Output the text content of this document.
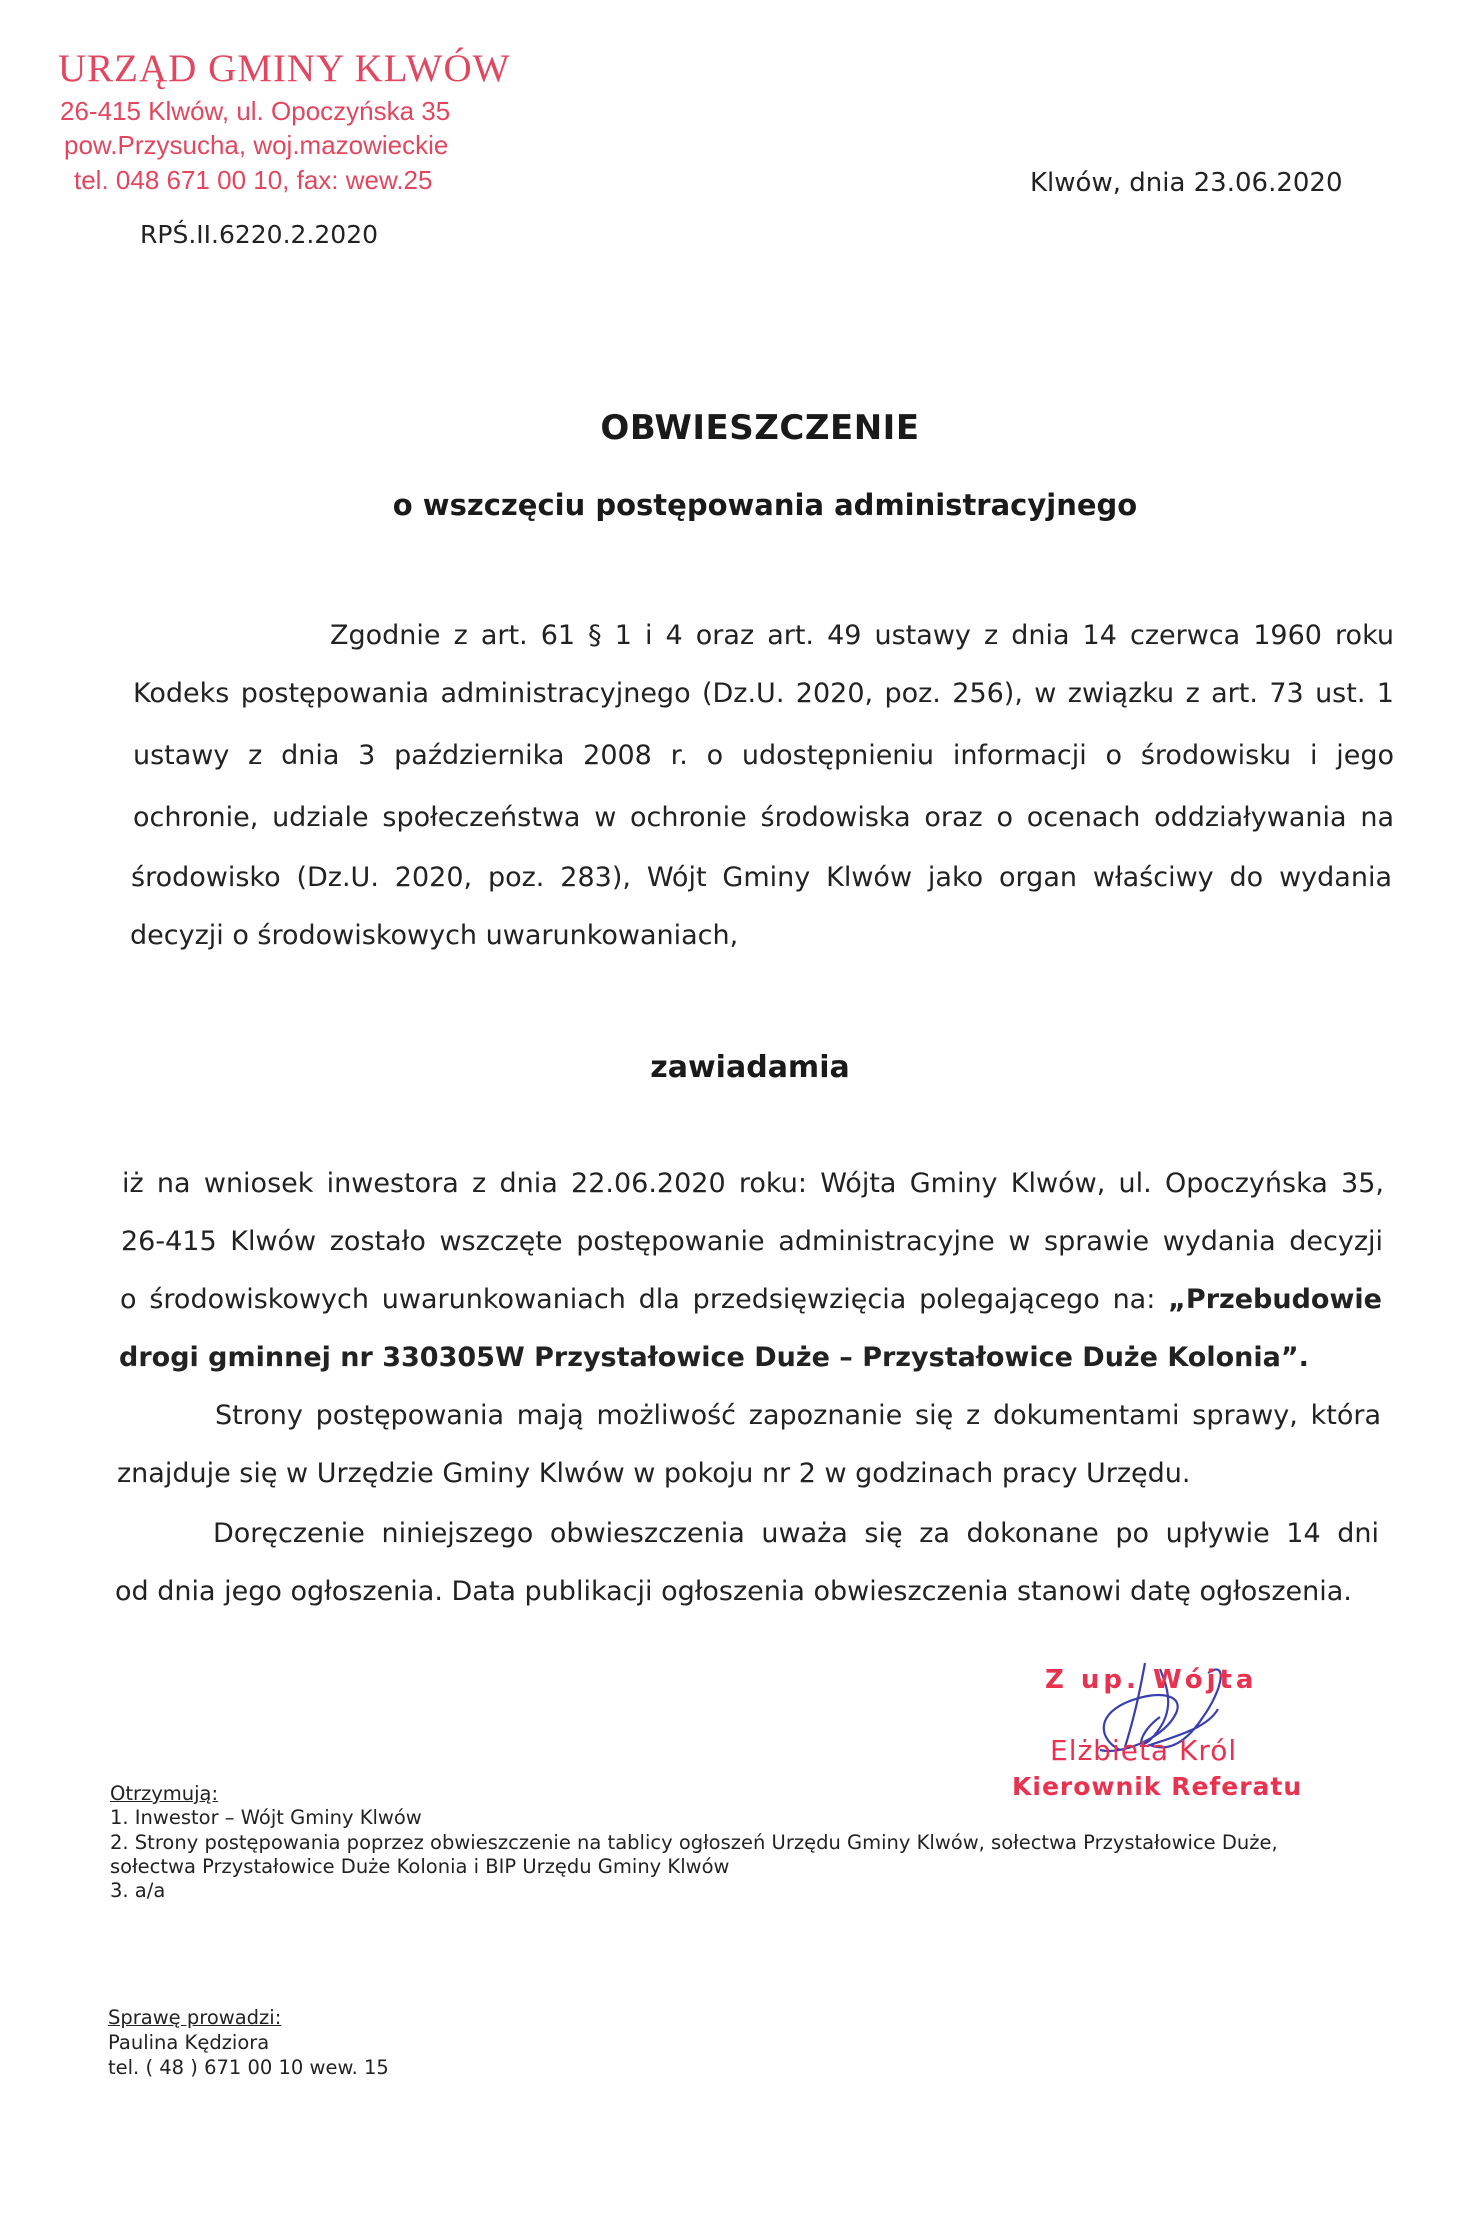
URZĄD GMINY KLWÓW
26-415 Klwów, ul. Opoczyńska 35
pow.Przysucha, woj.mazowieckie
tel. 048 671 00 10, fax: wew.25
RPŚ.II.6220.2.2020
Klwów, dnia 23.06.2020
OBWIESZCZENIE
o wszczęciu postępowania administracyjnego
Zgodnie z art. 61 § 1 i 4 oraz art. 49 ustawy z dnia 14 czerwca 1960 roku
Kodeks postępowania administracyjnego (Dz.U. 2020, poz. 256), w związku z art. 73 ust. 1
ustawy z dnia 3 października 2008 r. o udostępnieniu informacji o środowisku i jego
ochronie, udziale społeczeństwa w ochronie środowiska oraz o ocenach oddziaływania na
środowisko (Dz.U. 2020, poz. 283), Wójt Gminy Klwów jako organ właściwy do wydania
decyzji o środowiskowych uwarunkowaniach,
zawiadamia
iż na wniosek inwestora z dnia 22.06.2020 roku: Wójta Gminy Klwów, ul. Opoczyńska 35,
26-415 Klwów zostało wszczęte postępowanie administracyjne w sprawie wydania decyzji
o środowiskowych uwarunkowaniach dla przedsięwzięcia polegającego na: „Przebudowie
drogi gminnej nr 330305W Przystałowice Duże – Przystałowice Duże Kolonia”.
Strony postępowania mają możliwość zapoznanie się z dokumentami sprawy, która
znajduje się w Urzędzie Gminy Klwów w pokoju nr 2 w godzinach pracy Urzędu.
Doręczenie niniejszego obwieszczenia uważa się za dokonane po upływie 14 dni
od dnia jego ogłoszenia. Data publikacji ogłoszenia obwieszczenia stanowi datę ogłoszenia.
Z up. Wójta
Elżbieta Król
Kierownik Referatu
Otrzymują:
1. Inwestor – Wójt Gminy Klwów
2. Strony postępowania poprzez obwieszczenie na tablicy ogłoszeń Urzędu Gminy Klwów, sołectwa Przystałowice Duże,
sołectwa Przystałowice Duże Kolonia i BIP Urzędu Gminy Klwów
3. a/a
Sprawę prowadzi:
Paulina Kędziora
tel. ( 48 ) 671 00 10 wew. 15
